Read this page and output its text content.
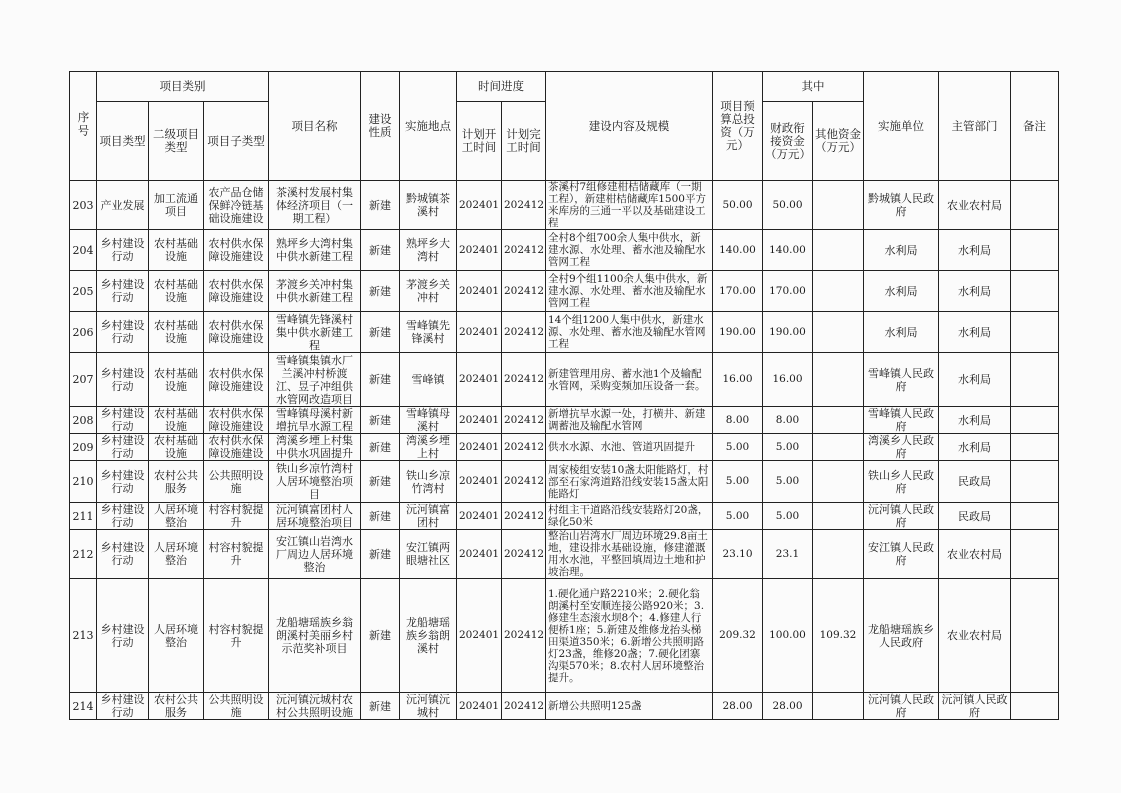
序号	项目类别			项目名称	建设性质	实施地点	时间进度		建设内容及规模	项目预算总投资（万元）	其中		实施单位	主管部门	备注
	项目类型	二级项目类型	项目子类型				计划开工时间	计划完工时间			财政衔接资金（万元）	其他资金（万元）			

203	产业发展	加工流通项目	农产品仓储保鲜冷链基础设施建设	茶溪村发展村集体经济项目（一期工程）	新建	黔城镇茶溪村	202401	202412	茶溪村7组修建柑桔储藏库（一期工程），新建柑桔储藏库1500平方米库房的三通一平以及基础建设工程	50.00	50.00		黔城镇人民政府	农业农村局	
204	乡村建设行动	农村基础设施	农村供水保障设施建设	熟坪乡大湾村集中供水新建工程	新建	熟坪乡大湾村	202401	202412	全村8个组700余人集中供水，新建水源、水处理、蓄水池及输配水管网工程	140.00	140.00		水利局	水利局	
205	乡村建设行动	农村基础设施	农村供水保障设施建设	茅渡乡关冲村集中供水新建工程	新建	茅渡乡关冲村	202401	202412	全村9个组1100余人集中供水，新建水源、水处理、蓄水池及输配水管网工程	170.00	170.00		水利局	水利局	
206	乡村建设行动	农村基础设施	农村供水保障设施建设	雪峰镇先锋溪村集中供水新建工程	新建	雪峰镇先锋溪村	202401	202412	14个组1200人集中供水，新建水源、水处理、蓄水池及输配水管网工程	190.00	190.00		水利局	水利局	
207	乡村建设行动	农村基础设施	农村供水保障设施建设	雪峰镇集镇水厂兰溪冲村桥渡江、昱子冲组供水管网改造项目	新建	雪峰镇	202401	202412	新建管理用房、蓄水池1个及输配水管网，采购变频加压设备一套。	16.00	16.00		雪峰镇人民政府	水利局	
208	乡村建设行动	农村基础设施	农村供水保障设施建设	雪峰镇母溪村新增抗旱水源工程	新建	雪峰镇母溪村	202401	202412	新增抗旱水源一处，打横井、新建调蓄池及输配水管网	8.00	8.00		雪峰镇人民政府	水利局	
209	乡村建设行动	农村基础设施	农村供水保障设施建设	湾溪乡堙上村集中供水巩固提升	新建	湾溪乡堙上村	202401	202412	供水水源、水池、管道巩固提升	5.00	5.00		湾溪乡人民政府	水利局	
210	乡村建设行动	农村公共服务	公共照明设施	铁山乡凉竹湾村人居环境整治项目	新建	铁山乡凉竹湾村	202401	202412	周家棱组安装10盏太阳能路灯，村部至石家湾道路沿线安装15盏太阳能路灯	5.00	5.00		铁山乡人民政府	民政局	
211	乡村建设行动	人居环境整治	村容村貌提升	沅河镇富团村人居环境整治项目	新建	沅河镇富团村	202401	202412	村组主干道路沿线安装路灯20盏，绿化50米	5.00	5.00		沅河镇人民政府	民政局	
212	乡村建设行动	人居环境整治	村容村貌提升	安江镇山岩湾水厂周边人居环境整治	新建	安江镇两眼塘社区	202401	202412	整治山岩湾水厂周边环境29.8亩土地，建设排水基础设施，修建灌溉用水水池，平整回填周边土地和护坡治理。	23.10	23.1		安江镇人民政府	农业农村局	
213	乡村建设行动	人居环境整治	村容村貌提升	龙船塘瑶族乡翁朗溪村美丽乡村示范奖补项目	新建	龙船塘瑶族乡翁朗溪村	202401	202412	1.硬化通户路2210米；2.硬化翁朗溪村至安顺连接公路920米；3.修建生态滚水坝8个；4.修建人行便桥1座；5.新建及维修龙抬头梯田渠道350米；6.新增公共照明路灯23盏，维修20盏；7.硬化团寨沟渠570米；8.农村人居环境整治提升。	209.32	100.00	109.32	龙船塘瑶族乡人民政府	农业农村局	
214	乡村建设行动	农村公共服务	公共照明设施	沅河镇沅城村农村公共照明设施	新建	沅河镇沅城村	202401	202412	新增公共照明125盏	28.00	28.00		沅河镇人民政府	沅河镇人民政府	
